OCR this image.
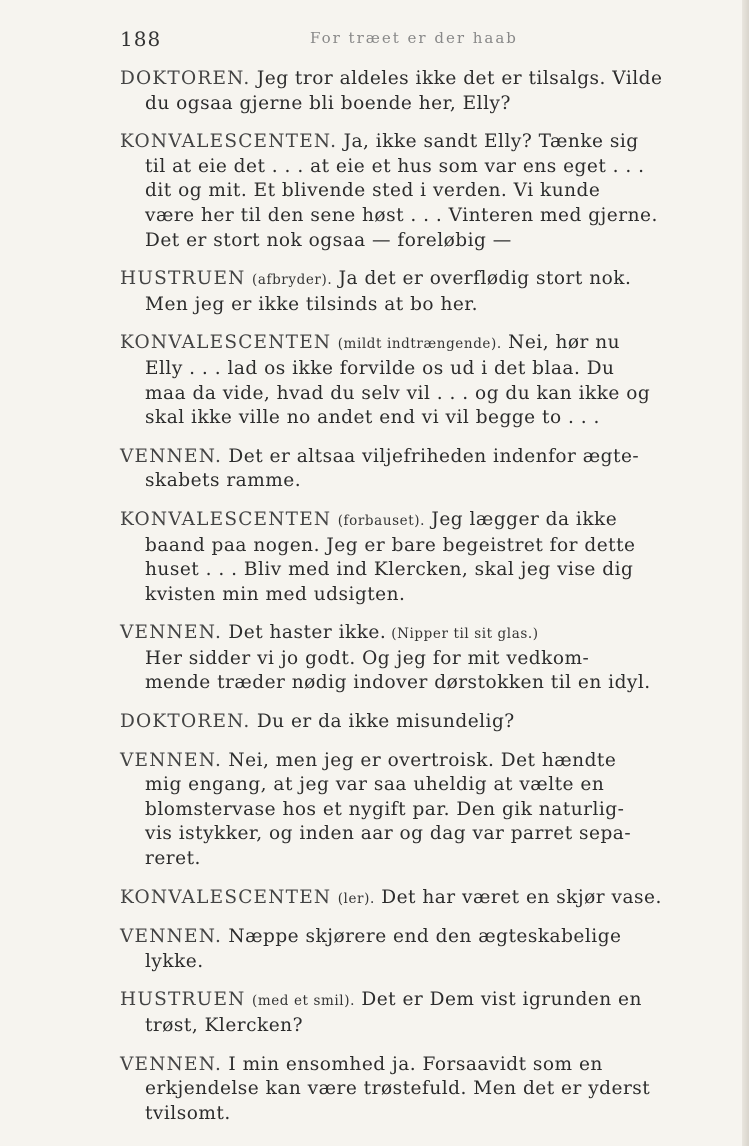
188	For træet er der haab
DOKTOREN. Jeg tror aldeles ikke det er tilsalgs. Vilde
du ogsaa gjerne bli boende her, Elly?
KONVALESCENTEN. Ja, ikke sandt Elly? Tænke sig
til at eie det . . . at eie et hus som var ens eget . . .
dit og mit. Et blivende sted i verden. Vi kunde
være her til den sene høst . . . Vinteren med gjerne.
Det er stort nok ogsaa — foreløbig —
HUSTRUEN (afbryder). Ja det er overflødig stort nok.
Men jeg er ikke tilsinds at bo her.
KONVALESCENTEN (mildt indtrængende). Nei, hør nu
Elly . . . lad os ikke forvilde os ud i det blaa. Du
maa da vide, hvad du selv vil . . . og du kan ikke og
skal ikke ville no andet end vi vil begge to . . .
VENNEN. Det er altsaa viljefriheden indenfor ægte-
skabets ramme.
KONVALESCENTEN (forbauset). Jeg lægger da ikke
baand paa nogen. Jeg er bare begeistret for dette
huset . . . Bliv med ind Klercken, skal jeg vise dig
kvisten min med udsigten.
VENNEN. Det haster ikke. (Nipper til sit glas.)
Her sidder vi jo godt. Og jeg for mit vedkom-
mende træder nødig indover dørstokken til en idyl.
DOKTOREN. Du er da ikke misundelig?
VENNEN. Nei, men jeg er overtroisk. Det hændte
mig engang, at jeg var saa uheldig at vælte en
blomstervase hos et nygift par. Den gik naturlig-
vis istykker, og inden aar og dag var parret sepa-
reret.
KONVALESCENTEN (ler). Det har været en skjør vase.
VENNEN. Næppe skjørere end den ægteskabelige
lykke.
HUSTRUEN (med et smil). Det er Dem vist igrunden en
trøst, Klercken?
VENNEN. I min ensomhed ja. Forsaavidt som en
erkjendelse kan være trøstefuld. Men det er yderst
tvilsomt.
